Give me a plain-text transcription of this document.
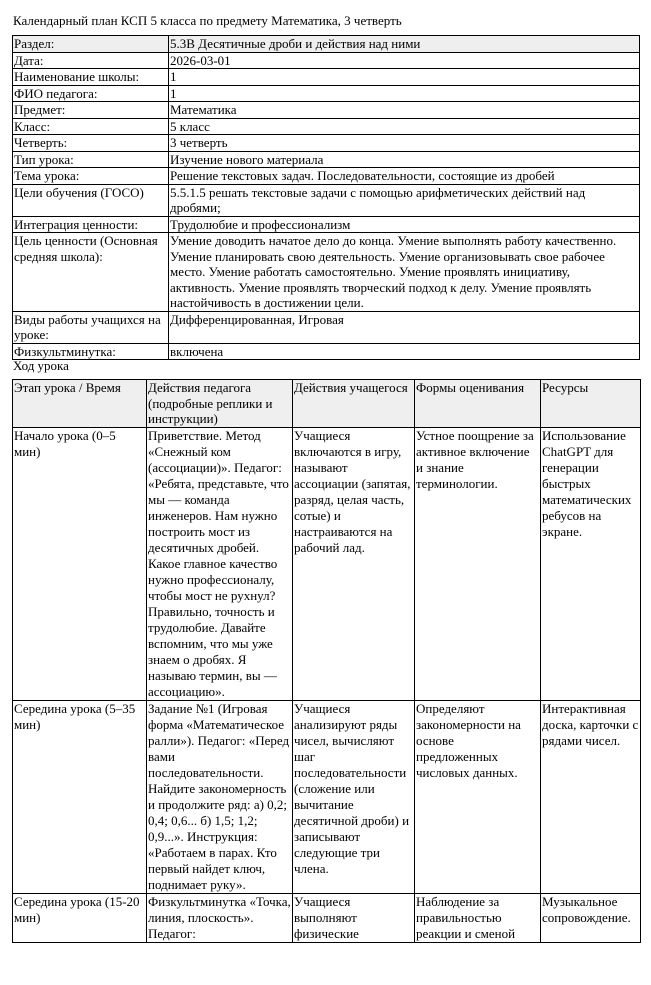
Календарный план КСП 5 класса по предмету Математика, 3 четверть
Раздел:	5.3В Десятичные дроби и действия над ними
Дата:	2026-03-01
Наименование школы:	1
ФИО педагога:	1
Предмет:	Математика
Класс:	5 класс
Четверть:	3 четверть
Тип урока:	Изучение нового материала
Тема урока:	Решение текстовых задач. Последовательности, состоящие из дробей
Цели обучения (ГОСО)	5.5.1.5 решать текстовые задачи с помощью арифметических действий над дробями;
Интеграция ценности:	Трудолюбие и профессионализм
Цель ценности (Основная средняя школа):	Умение доводить начатое дело до конца. Умение выполнять работу качественно. Умение планировать свою деятельность. Умение организовывать свое рабочее место. Умение работать самостоятельно. Умение проявлять инициативу, активность. Умение проявлять творческий подход к делу. Умение проявлять настойчивость в достижении цели.
Виды работы учащихся на уроке:	Дифференцированная, Игровая
Физкультминутка:	включена
Ход урока
Этап урока / Время	Действия педагога (подробные реплики и инструкции)	Действия учащегося	Формы оценивания	Ресурсы
Начало урока (0–5 мин)	Приветствие. Метод «Снежный ком (ассоциации)». Педагог: «Ребята, представьте, что мы — команда инженеров. Нам нужно построить мост из десятичных дробей. Какое главное качество нужно профессионалу, чтобы мост не рухнул? Правильно, точность и трудолюбие. Давайте вспомним, что мы уже знаем о дробях. Я называю термин, вы — ассоциацию».	Учащиеся включаются в игру, называют ассоциации (запятая, разряд, целая часть, сотые) и настраиваются на рабочий лад.	Устное поощрение за активное включение и знание терминологии.	Использование ChatGPT для генерации быстрых математических ребусов на экране.
Середина урока (5–35 мин)	Задание №1 (Игровая форма «Математическое ралли»). Педагог: «Перед вами последовательности. Найдите закономерность и продолжите ряд: а) 0,2; 0,4; 0,6... б) 1,5; 1,2; 0,9...». Инструкция: «Работаем в парах. Кто первый найдет ключ, поднимает руку».	Учащиеся анализируют ряды чисел, вычисляют шаг последовательности (сложение или вычитание десятичной дроби) и записывают следующие три члена.	Определяют закономерности на основе предложенных числовых данных.	Интерактивная доска, карточки с рядами чисел.
Середина урока (15-20 мин)	Физкультминутка «Точка, линия, плоскость». Педагог:	Учащиеся выполняют физические	Наблюдение за правильностью реакции и сменой	Музыкальное сопровождение.
